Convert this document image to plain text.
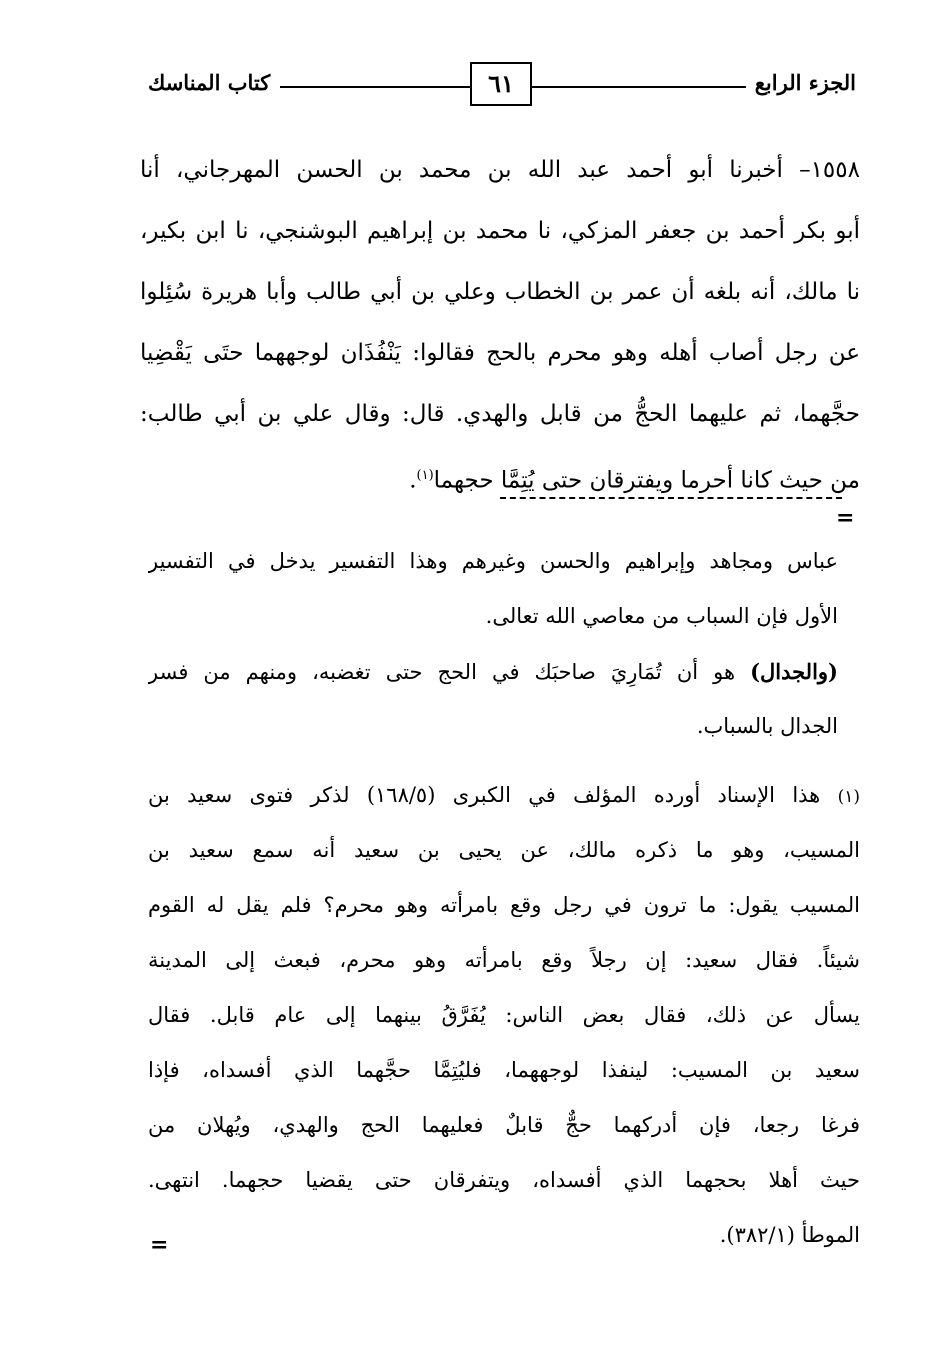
الجزء الرابع
كتاب المناسك	٦١
١٥٥٨– أخبرنا أبو أحمد عبد الله بن محمد بن الحسن المهرجاني، أنا
أبو بكر أحمد بن جعفر المزكي، نا محمد بن إبراهيم البوشنجي، نا ابن بكير،
نا مالك، أنه بلغه أن عمر بن الخطاب وعلي بن أبي طالب وأبا هريرة سُئِلوا
عن رجل أصاب أهله وهو محرم بالحج فقالوا: يَنْفُذَان لوجههما حتَى يَقْضِيا
حجَّهما، ثم عليهما الحجُّ من قابل والهدي. قال: وقال علي بن أبي طالب:
من حيث كانا أحرما ويفترقان حتى يُتِمَّا حجهما$^{(١)}$.
=
عباس ومجاهد وإبراهيم والحسن وغيرهم وهذا التفسير يدخل في التفسير
الأول فإن السباب من معاصي الله تعالى.
(والجدال) هو أن تُمَارِيَ صاحبَك في الحج حتى تغضبه، ومنهم من فسر
الجدال بالسباب.
(١) هذا الإسناد أورده المؤلف في الكبرى (١٦٨/٥) لذكر فتوى سعيد بن
المسيب، وهو ما ذكره مالك، عن يحيى بن سعيد أنه سمع سعيد بن
المسيب يقول: ما ترون في رجل وقع بامرأته وهو محرم؟ فلم يقل له القوم
شيئاً. فقال سعيد: إن رجلاً وقع بامرأته وهو محرم، فبعث إلى المدينة
يسأل عن ذلك، فقال بعض الناس: يُفَرَّقُ بينهما إلى عام قابل. فقال
سعيد بن المسيب: لينفذا لوجههما، فليُتِمَّا حجَّهما الذي أفسداه، فإذا
فرغا رجعا، فإن أدركهما حجٌّ قابلٌ فعليهما الحج والهدي، ويُهلان من
حيث أهلا بحجهما الذي أفسداه، ويتفرقان حتى يقضيا حجهما. انتهى.
الموطأ (٣٨٢/١).
=
